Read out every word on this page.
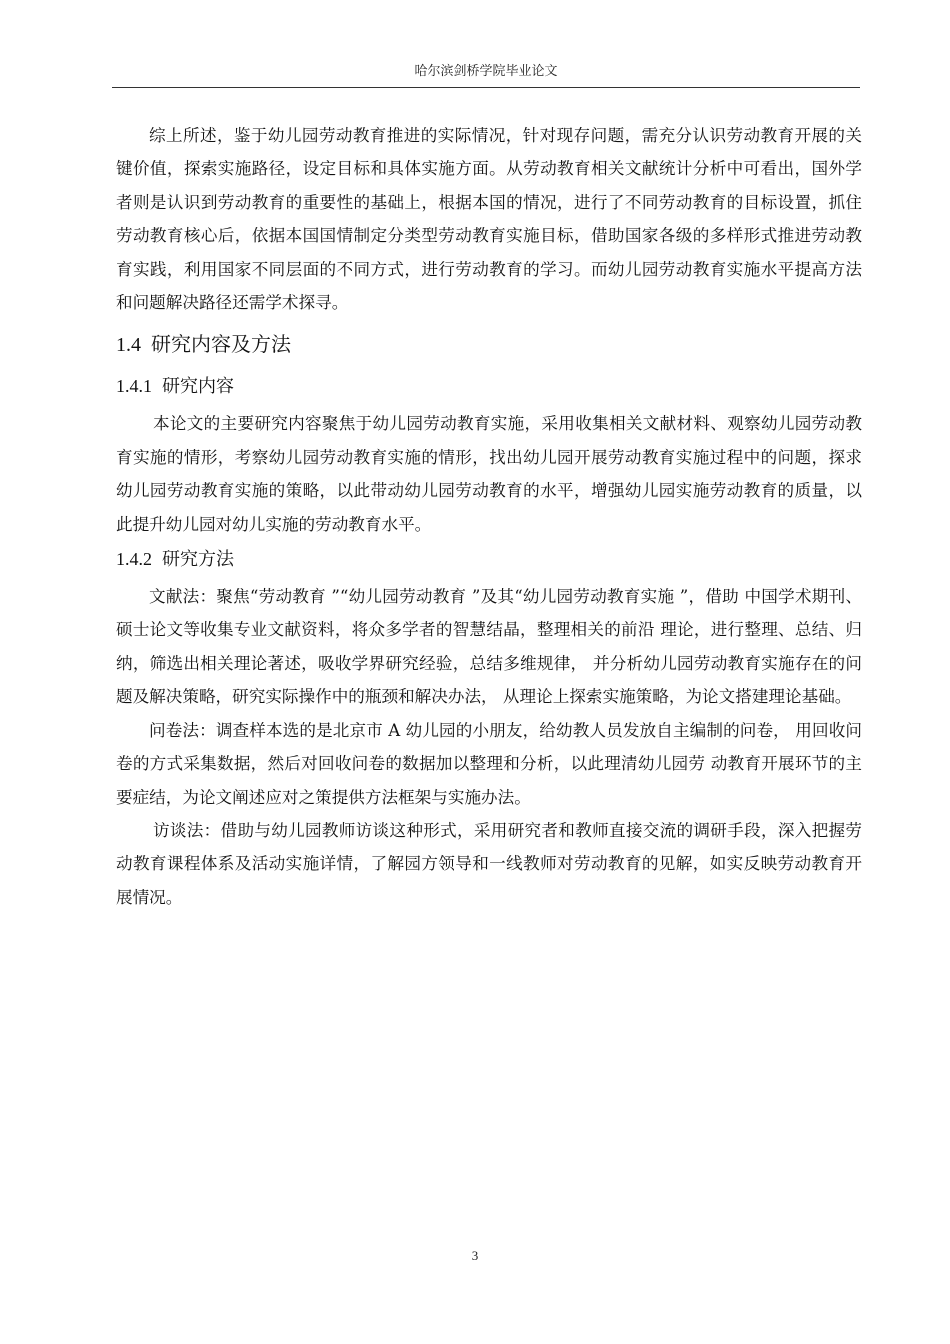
哈尔滨剑桥学院毕业论文

综上所述，鉴于幼儿园劳动教育推进的实际情况，针对现存问题，需充分认识劳动教育开展的关键价值，探索实施路径，设定目标和具体实施方面。从劳动教育相关文献统计分析中可看出，国外学者则是认识到劳动教育的重要性的基础上，根据本国的情况，进行了不同劳动教育的目标设置，抓住劳动教育核心后，依据本国国情制定分类型劳动教育实施目标，借助国家各级的多样形式推进劳动教育实践，利用国家不同层面的不同方式，进行劳动教育的学习。而幼儿园劳动教育实施水平提高方法和问题解决路径还需学术探寻。

1.4 研究内容及方法
1.4.1 研究内容

本论文的主要研究内容聚焦于幼儿园劳动教育实施，采用收集相关文献材料、观察幼儿园劳动教育实施的情形，考察幼儿园劳动教育实施的情形，找出幼儿园开展劳动教育实施过程中的问题，探求幼儿园劳动教育实施的策略，以此带动幼儿园劳动教育的水平，增强幼儿园实施劳动教育的质量，以此提升幼儿园对幼儿实施的劳动教育水平。

1.4.2 研究方法

文献法：聚焦“劳动教育 ”“幼儿园劳动教育 ”及其“幼儿园劳动教育实施 ”，借助 中国学术期刊、硕士论文等收集专业文献资料，将众多学者的智慧结晶，整理相关的前沿 理论，进行整理、总结、归纳，筛选出相关理论著述，吸收学界研究经验，总结多维规律， 并分析幼儿园劳动教育实施存在的问题及解决策略，研究实际操作中的瓶颈和解决办法， 从理论上探索实施策略，为论文搭建理论基础。

问卷法：调查样本选的是北京市 A 幼儿园的小朋友，给幼教人员发放自主编制的问卷， 用回收问卷的方式采集数据，然后对回收问卷的数据加以整理和分析，以此理清幼儿园劳 动教育开展环节的主要症结，为论文阐述应对之策提供方法框架与实施办法。

访谈法：借助与幼儿园教师访谈这种形式，采用研究者和教师直接交流的调研手段，深入把握劳动教育课程体系及活动实施详情，了解园方领导和一线教师对劳动教育的见解，如实反映劳动教育开展情况。

3
